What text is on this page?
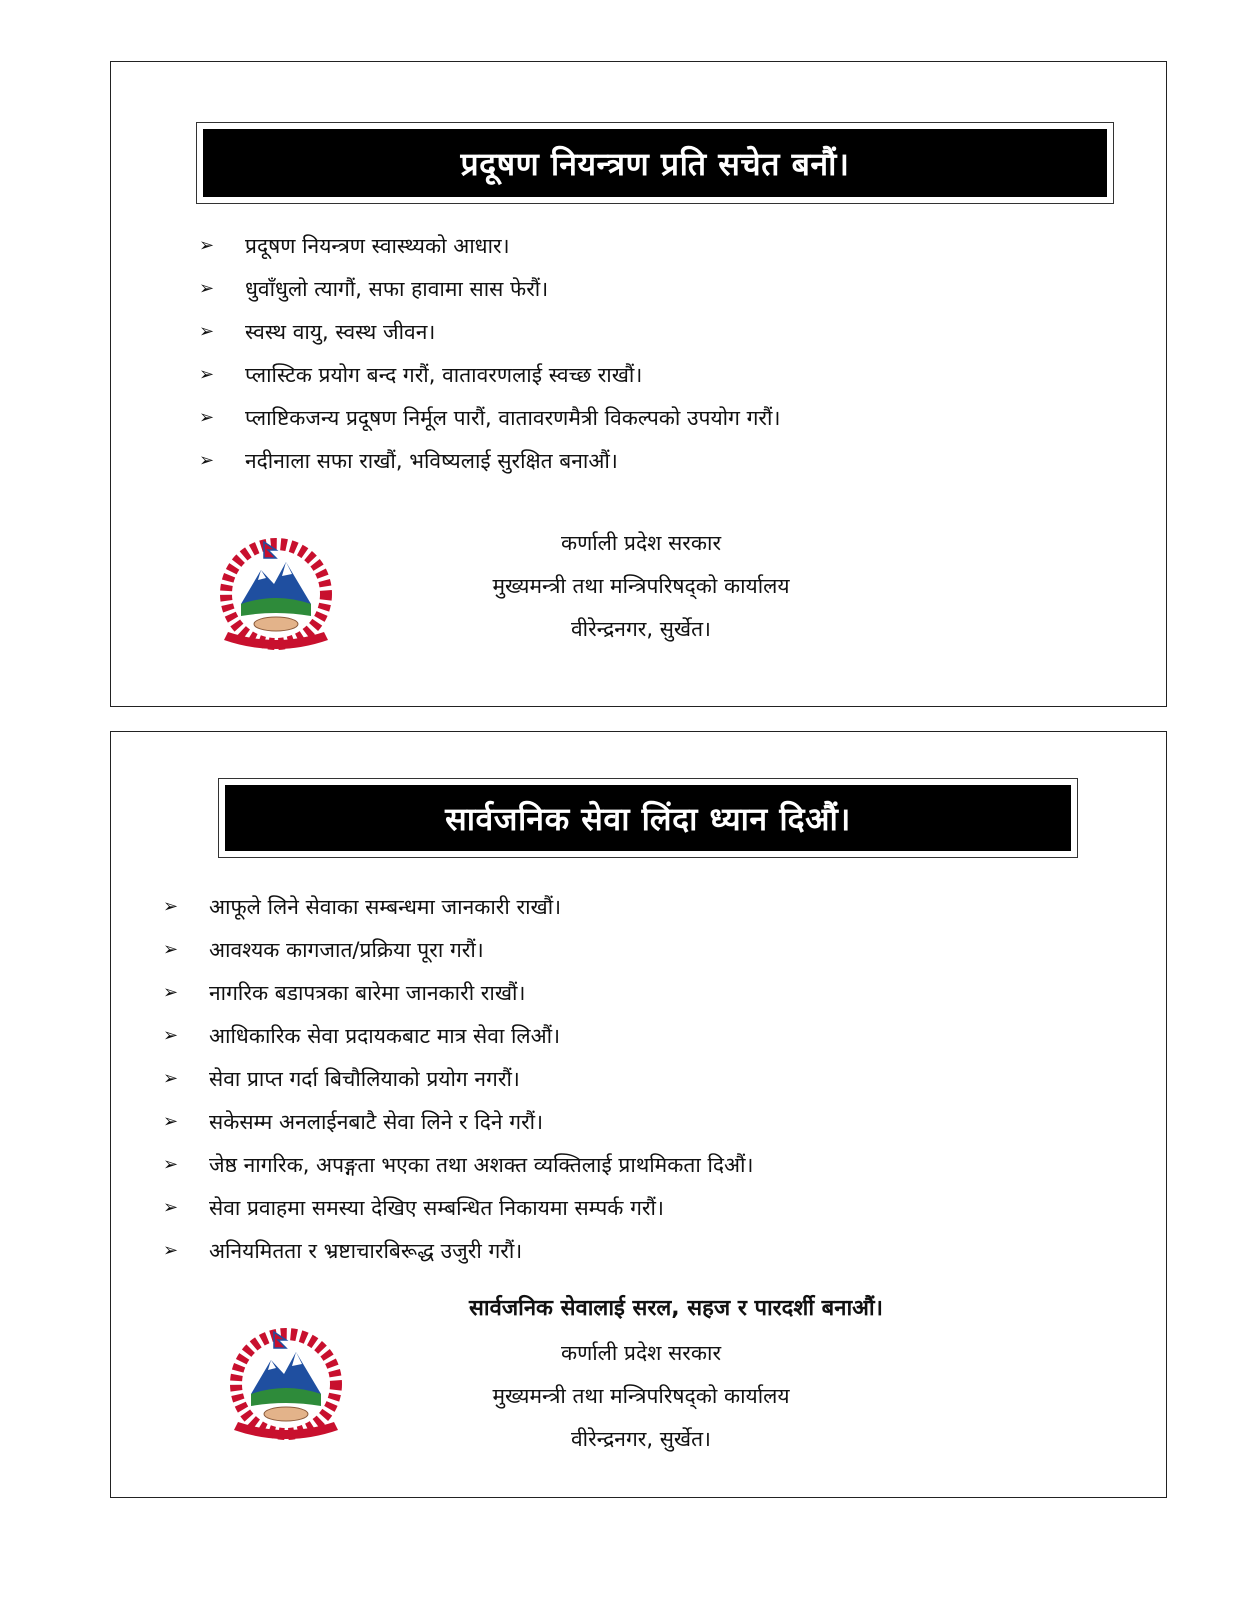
प्रदूषण नियन्त्रण प्रति सचेत बनौं।
➢	प्रदूषण नियन्त्रण स्वास्थ्यको आधार।
➢	धुवाँधुलो त्यागौं, सफा हावामा सास फेरौं।
➢	स्वस्थ वायु, स्वस्थ जीवन।
➢	प्लास्टिक प्रयोग बन्द गरौं, वातावरणलाई स्वच्छ राखौं।
➢	प्लाष्टिकजन्य प्रदूषण निर्मूल पारौं, वातावरणमैत्री विकल्पको उपयोग गरौं।
➢	नदीनाला सफा राखौं, भविष्यलाई सुरक्षित बनाऔं।
कर्णाली प्रदेश सरकार
मुख्यमन्त्री तथा मन्त्रिपरिषद्को कार्यालय
वीरेन्द्रनगर, सुर्खेत।
सार्वजनिक सेवा लिंदा ध्यान दिऔं।
➢	आफूले लिने सेवाका सम्बन्धमा जानकारी राखौं।
➢	आवश्यक कागजात/प्रक्रिया पूरा गरौं।
➢	नागरिक बडापत्रका बारेमा जानकारी राखौं।
➢	आधिकारिक सेवा प्रदायकबाट मात्र सेवा लिऔं।
➢	सेवा प्राप्त गर्दा बिचौलियाको प्रयोग नगरौं।
➢	सकेसम्म अनलाईनबाटै सेवा लिने र दिने गरौं।
➢	जेष्ठ नागरिक, अपङ्गता भएका तथा अशक्त व्यक्तिलाई प्राथमिकता दिऔं।
➢	सेवा प्रवाहमा समस्या देखिए सम्बन्धित निकायमा सम्पर्क गरौं।
➢	अनियमितता र भ्रष्टाचारबिरूद्ध उजुरी गरौं।
सार्वजनिक सेवालाई सरल, सहज र पारदर्शी बनाऔं।
कर्णाली प्रदेश सरकार
मुख्यमन्त्री तथा मन्त्रिपरिषद्को कार्यालय
वीरेन्द्रनगर, सुर्खेत।
